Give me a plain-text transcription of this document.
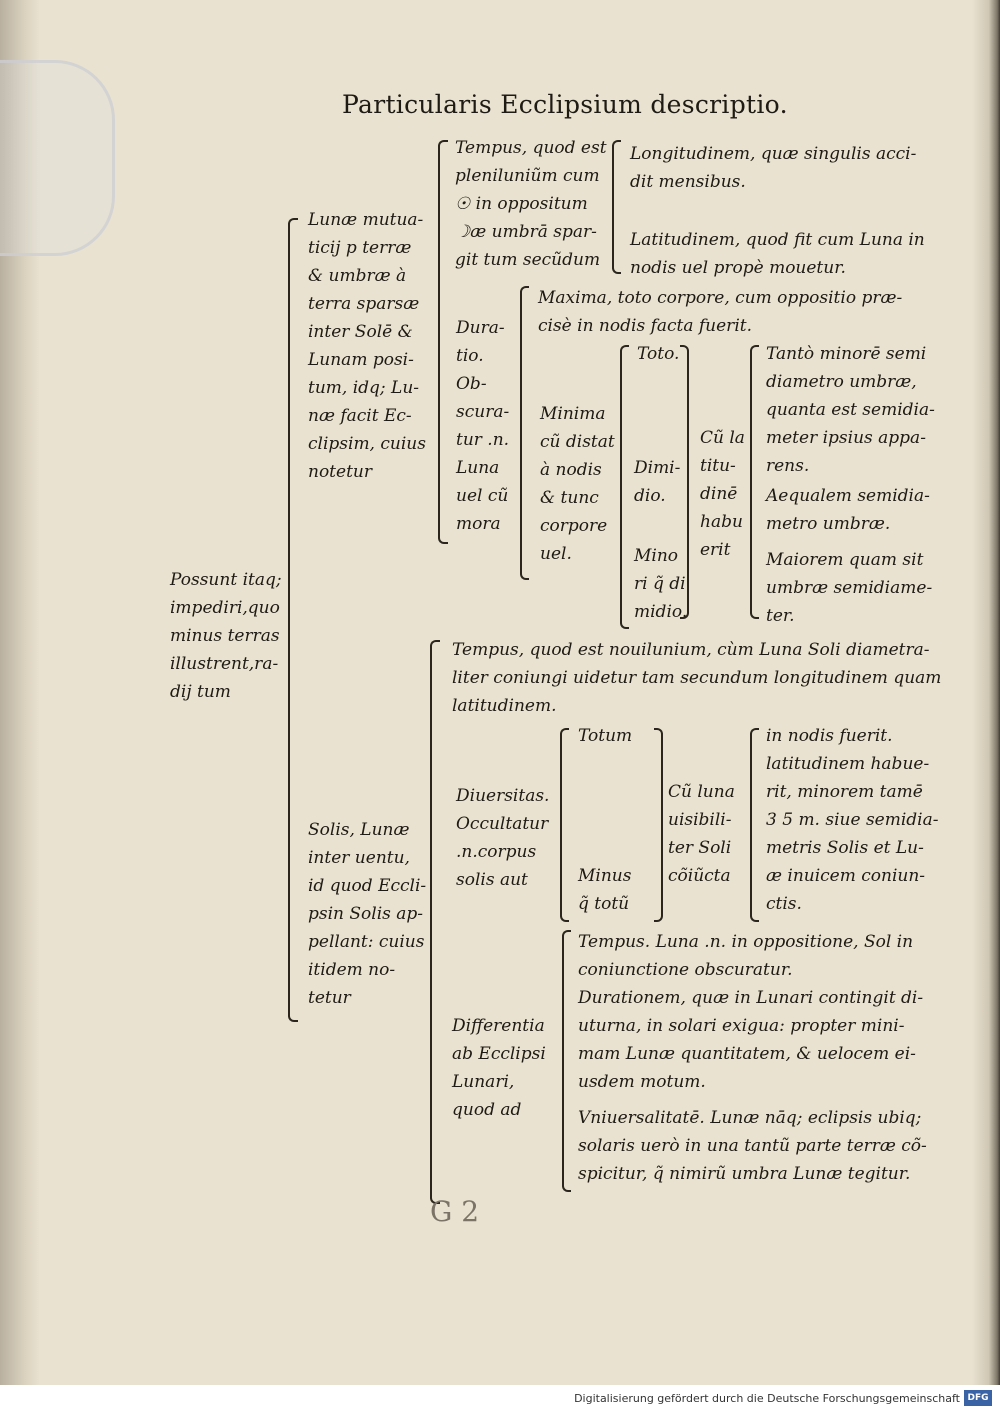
Particularis Ecclipsium descriptio.
Possunt itaq;
impediri,quo
minus terras
illustrent,ra-
dij tum
Lunæ mutua-
ticij p terræ
& umbræ à
terra sparsæ
inter Solē &
Lunam posi-
tum, idq; Lu-
næ facit Ec-
clipsim, cuius
notetur
Tempus, quod est
pleniluniũm cum
☉ in oppositum
☽æ umbrā spar-
git tum secũdum
Longitudinem, quæ singulis acci-
dit mensibus.
Latitudinem, quod fit cum Luna in
nodis uel propè mouetur.
Dura-
tio.
Ob-
scura-
tur .n.
Luna
uel cũ
mora
Maxima, toto corpore, cum oppositio præ-
cisè in nodis facta fuerit.
Minima
cũ distat
à nodis
& tunc
corpore
uel.
Toto.
Dimi-
dio.
Mino
ri q̃ di
midio.
Cũ la
titu-
dinē
habu
erit
Tantò minorē semi
diametro umbræ,
quanta est semidia-
meter ipsius appa-
rens.
Aequalem semidia-
metro umbræ.
Maiorem quam sit
umbræ semidiame-
ter.
Solis, Lunæ
inter uentu,
id quod Eccli-
psin Solis ap-
pellant: cuius
itidem no-
tetur
Tempus, quod est nouilunium, cùm Luna Soli diametra-
liter coniungi uidetur tam secundum longitudinem quam
latitudinem.
Diuersitas.
Occultatur
.n.corpus
solis aut
Totum
Minus
q̃ totũ
Cũ luna
uisibili-
ter Soli
cõiũcta
in nodis fuerit.
latitudinem habue-
rit, minorem tamē
3 5 m. siue semidia-
metris Solis et Lu-
æ inuicem coniun-
ctis.
Differentia
ab Ecclipsi
Lunari,
quod ad
Tempus. Luna .n. in oppositione, Sol in
coniunctione obscuratur.
Durationem, quæ in Lunari contingit di-
uturna, in solari exigua: propter mini-
mam Lunæ quantitatem, & uelocem ei-
usdem motum.
Vniuersalitatē. Lunæ nāq; eclipsis ubiq;
solaris uerò in una tantũ parte terræ cõ-
spicitur, q̃ nimirũ umbra Lunæ tegitur.
G 2
Digitalisierung gefördert durch die Deutsche Forschungsgemeinschaft DFG
